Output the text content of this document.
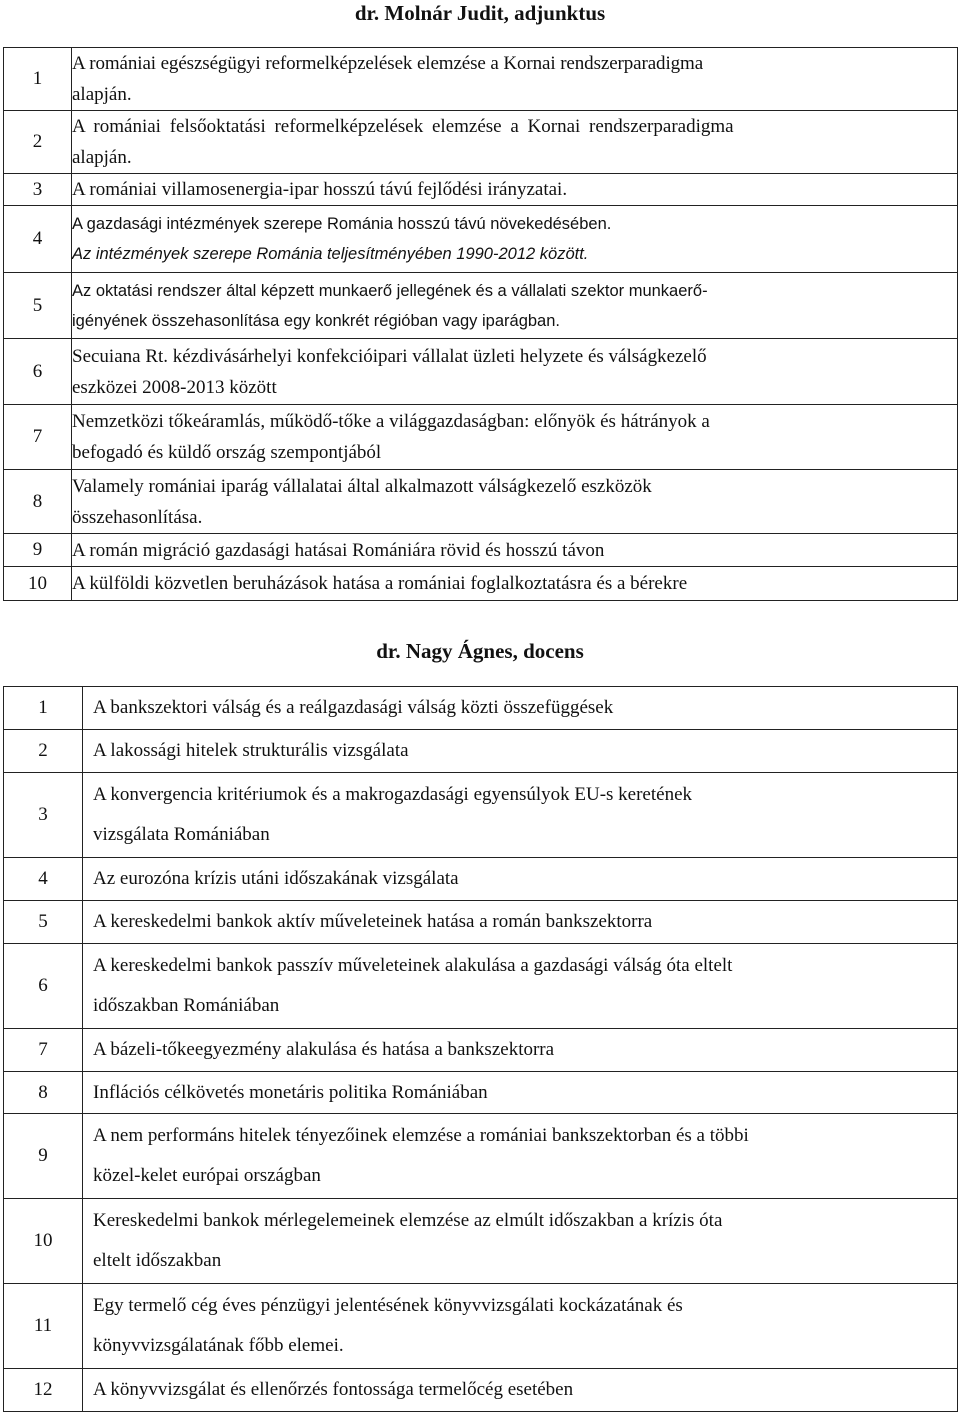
dr. Molnár Judit, adjunktus
1	A romániai egészségügyi reformelképzelések elemzése a Kornai rendszerparadigma
alapján.

2	A romániai felsőoktatási reformelképzelések elemzése a Kornai rendszerparadigma
alapján.

3	A romániai villamosenergia-ipar hosszú távú fejlődési irányzatai.

4	A gazdasági intézmények szerepe Románia hosszú távú növekedésében.
Az intézmények szerepe Románia teljesítményében 1990-2012 között.

5	Az oktatási rendszer által képzett munkaerő jellegének és a vállalati szektor munkaerő-
igényének összehasonlítása egy konkrét régióban vagy iparágban.

6	Secuiana Rt. kézdivásárhelyi konfekcióipari vállalat üzleti helyzete és válságkezelő
eszközei 2008-2013 között

7	Nemzetközi tőkeáramlás, működő-tőke a világgazdaságban: előnyök és hátrányok a
befogadó és küldő ország szempontjából

8	Valamely romániai iparág vállalatai által alkalmazott válságkezelő eszközök
összehasonlítása.

9	A román migráció gazdasági hatásai Romániára rövid és hosszú távon

10	A külföldi közvetlen beruházások hatása a romániai foglalkoztatásra és a bérekre
dr. Nagy Ágnes, docens
1	A bankszektori válság és a reálgazdasági válság közti összefüggések

2	A lakossági hitelek strukturális vizsgálata

3	A konvergencia kritériumok és a makrogazdasági egyensúlyok EU-s keretének
vizsgálata Romániában

4	Az eurozóna krízis utáni időszakának vizsgálata

5	A kereskedelmi bankok aktív műveleteinek hatása a román bankszektorra

6	A kereskedelmi bankok passzív műveleteinek alakulása a gazdasági válság óta eltelt
időszakban Romániában

7	A bázeli-tőkeegyezmény alakulása és hatása a bankszektorra

8	Inflációs célkövetés monetáris politika Romániában

9	A nem performáns hitelek tényezőinek elemzése a romániai bankszektorban és a többi
közel-kelet európai országban

10	Kereskedelmi bankok mérlegelemeinek elemzése az elmúlt időszakban a krízis óta
eltelt időszakban

11	Egy termelő cég éves pénzügyi jelentésének könyvvizsgálati kockázatának és
könyvvizsgálatának főbb elemei.

12	A könyvvizsgálat és ellenőrzés fontossága termelőcég esetében
